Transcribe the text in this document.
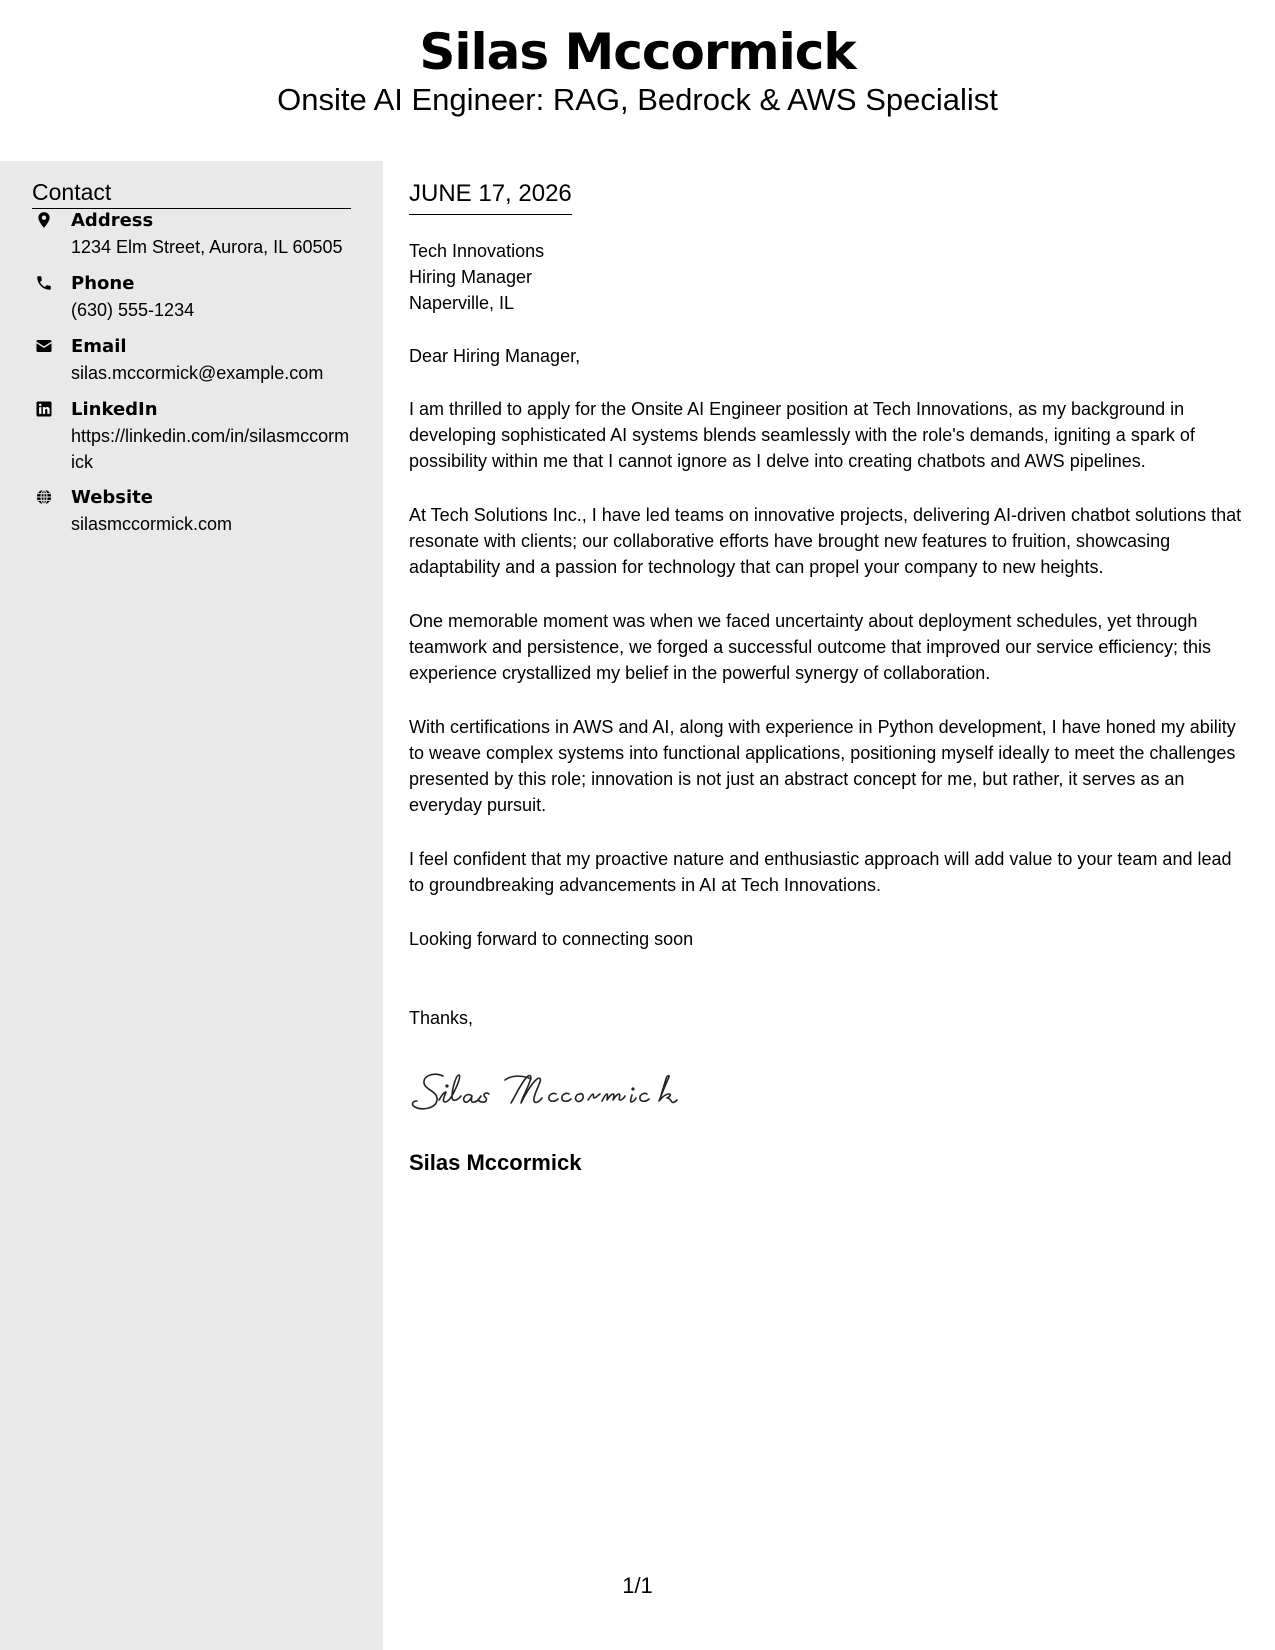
Silas Mccormick
Onsite AI Engineer: RAG, Bedrock & AWS Specialist
Contact
Address
1234 Elm Street, Aurora, IL 60505
Phone
(630) 555-1234
Email
silas.mccormick@example.com
LinkedIn
https://linkedin.com/in/silasmccormick
Website
silasmccormick.com
JUNE 17, 2026
Tech Innovations
Hiring Manager
Naperville, IL

Dear Hiring Manager,

I am thrilled to apply for the Onsite AI Engineer position at Tech Innovations, as my background in developing sophisticated AI systems blends seamlessly with the role's demands, igniting a spark of possibility within me that I cannot ignore as I delve into creating chatbots and AWS pipelines.

At Tech Solutions Inc., I have led teams on innovative projects, delivering AI-driven chatbot solutions that resonate with clients; our collaborative efforts have brought new features to fruition, showcasing adaptability and a passion for technology that can propel your company to new heights.

One memorable moment was when we faced uncertainty about deployment schedules, yet through teamwork and persistence, we forged a successful outcome that improved our service efficiency; this experience crystallized my belief in the powerful synergy of collaboration.

With certifications in AWS and AI, along with experience in Python development, I have honed my ability to weave complex systems into functional applications, positioning myself ideally to meet the challenges presented by this role; innovation is not just an abstract concept for me, but rather, it serves as an everyday pursuit.

I feel confident that my proactive nature and enthusiastic approach will add value to your team and lead to groundbreaking advancements in AI at Tech Innovations.

Looking forward to connecting soon

Thanks,

Silas Mccormick
1/1
